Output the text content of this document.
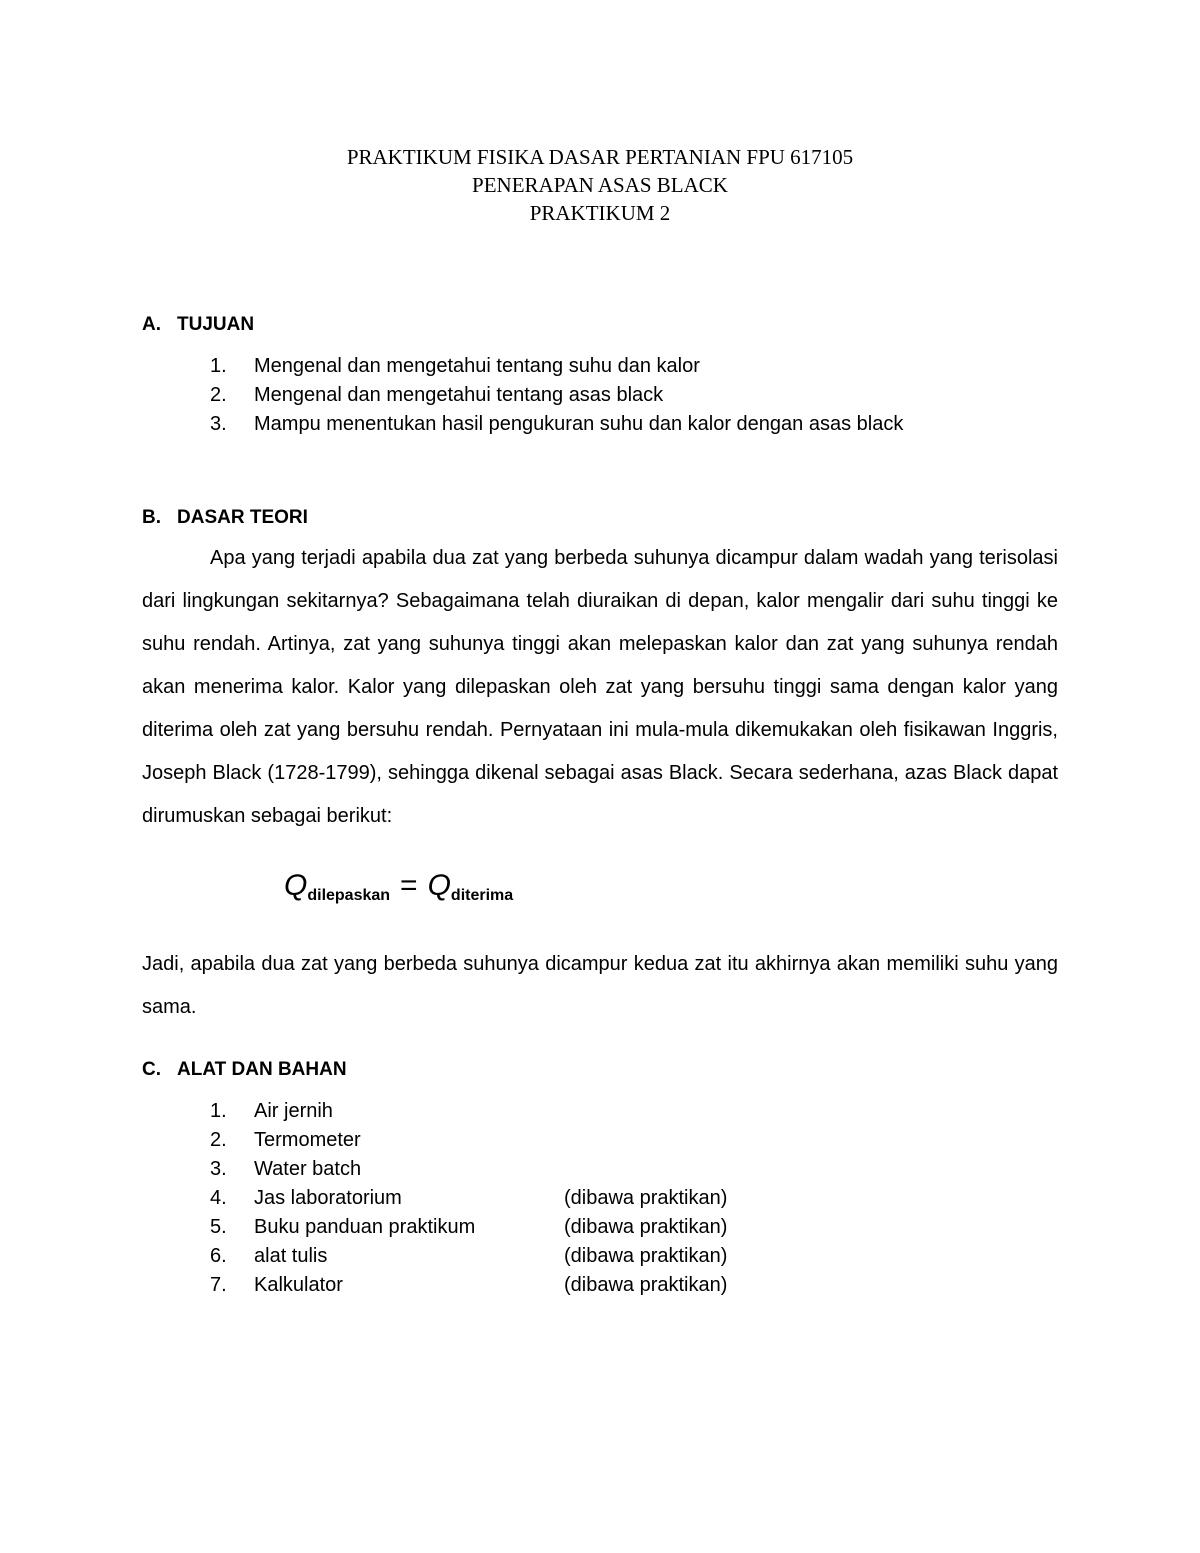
PRAKTIKUM FISIKA DASAR PERTANIAN FPU 617105
PENERAPAN ASAS BLACK
PRAKTIKUM 2
A. TUJUAN
1. Mengenal dan mengetahui tentang suhu dan kalor
2. Mengenal dan mengetahui tentang asas black
3. Mampu menentukan hasil pengukuran suhu dan kalor dengan asas black
B. DASAR TEORI

Apa yang terjadi apabila dua zat yang berbeda suhunya dicampur dalam wadah yang terisolasi dari lingkungan sekitarnya? Sebagaimana telah diuraikan di depan, kalor mengalir dari suhu tinggi ke suhu rendah. Artinya, zat yang suhunya tinggi akan melepaskan kalor dan zat yang suhunya rendah akan menerima kalor. Kalor yang dilepaskan oleh zat yang bersuhu tinggi sama dengan kalor yang diterima oleh zat yang bersuhu rendah. Pernyataan ini mula-mula dikemukakan oleh fisikawan Inggris, Joseph Black (1728-1799), sehingga dikenal sebagai asas Black. Secara sederhana, azas Black dapat dirumuskan sebagai berikut:

$Q_{dilepaskan} = Q_{diterima}$

Jadi, apabila dua zat yang berbeda suhunya dicampur kedua zat itu akhirnya akan memiliki suhu yang sama.

C. ALAT DAN BAHAN
1. Air jernih
2. Termometer
3. Water batch
4. Jas laboratorium	(dibawa praktikan)
5. Buku panduan praktikum	(dibawa praktikan)
6. alat tulis	(dibawa praktikan)
7. Kalkulator	(dibawa praktikan)
